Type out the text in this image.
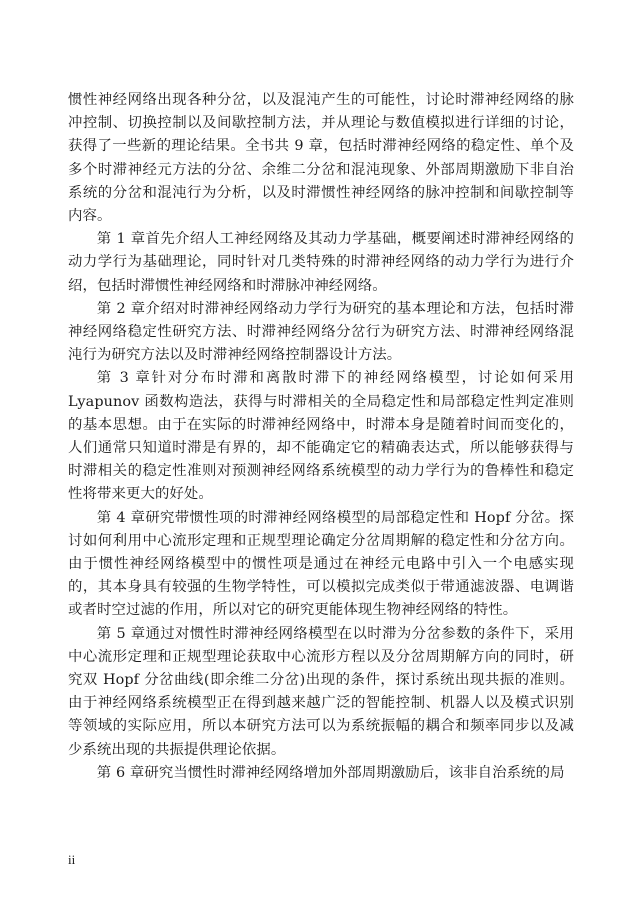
惯性神经网络出现各种分岔，以及混沌产生的可能性，讨论时滞神经网络的脉冲控制、切换控制以及间歇控制方法，并从理论与数值模拟进行详细的讨论，获得了一些新的理论结果。全书共 9 章，包括时滞神经网络的稳定性、单个及多个时滞神经元方法的分岔、余维二分岔和混沌现象、外部周期激励下非自治系统的分岔和混沌行为分析，以及时滞惯性神经网络的脉冲控制和间歇控制等内容。

第 1 章首先介绍人工神经网络及其动力学基础，概要阐述时滞神经网络的动力学行为基础理论，同时针对几类特殊的时滞神经网络的动力学行为进行介绍，包括时滞惯性神经网络和时滞脉冲神经网络。

第 2 章介绍对时滞神经网络动力学行为研究的基本理论和方法，包括时滞神经网络稳定性研究方法、时滞神经网络分岔行为研究方法、时滞神经网络混沌行为研究方法以及时滞神经网络控制器设计方法。

第 3 章针对分布时滞和离散时滞下的神经网络模型，讨论如何采用 Lyapunov 函数构造法，获得与时滞相关的全局稳定性和局部稳定性判定准则的基本思想。由于在实际的时滞神经网络中，时滞本身是随着时间而变化的，人们通常只知道时滞是有界的，却不能确定它的精确表达式，所以能够获得与时滞相关的稳定性准则对预测神经网络系统模型的动力学行为的鲁棒性和稳定性将带来更大的好处。

第 4 章研究带惯性项的时滞神经网络模型的局部稳定性和 Hopf 分岔。探讨如何利用中心流形定理和正规型理论确定分岔周期解的稳定性和分岔方向。由于惯性神经网络模型中的惯性项是通过在神经元电路中引入一个电感实现的，其本身具有较强的生物学特性，可以模拟完成类似于带通滤波器、电调谐或者时空过滤的作用，所以对它的研究更能体现生物神经网络的特性。

第 5 章通过对惯性时滞神经网络模型在以时滞为分岔参数的条件下，采用中心流形定理和正规型理论获取中心流形方程以及分岔周期解方向的同时，研究双 Hopf 分岔曲线(即余维二分岔)出现的条件，探讨系统出现共振的准则。由于神经网络系统模型正在得到越来越广泛的智能控制、机器人以及模式识别等领域的实际应用，所以本研究方法可以为系统振幅的耦合和频率同步以及减少系统出现的共振提供理论依据。

第 6 章研究当惯性时滞神经网络增加外部周期激励后，该非自治系统的局

ii
